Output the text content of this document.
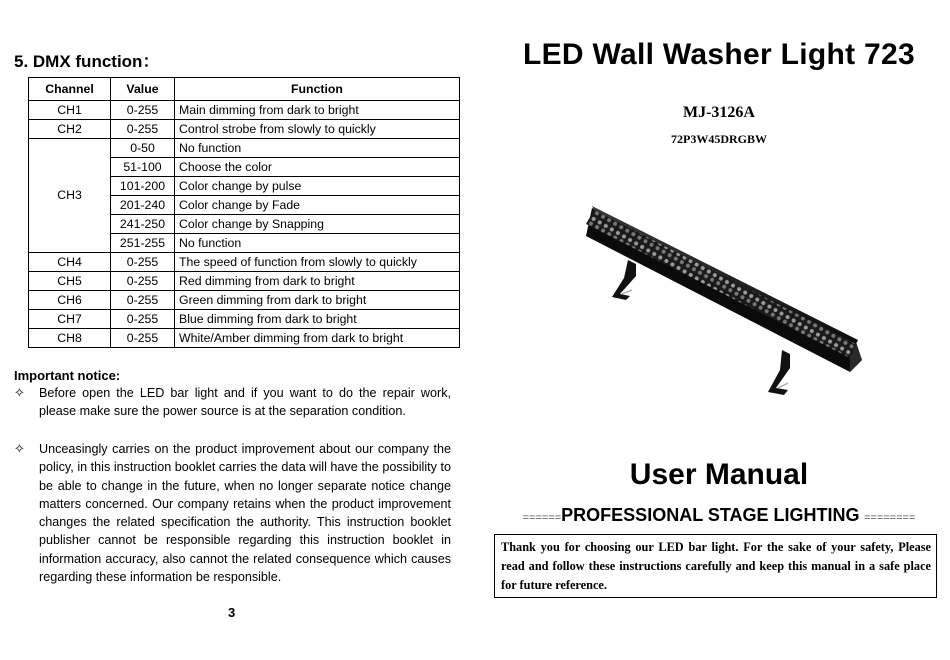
5. DMX function：
Channel	Value	Function
CH1	0-255	Main dimming from dark to bright
CH2	0-255	Control strobe from slowly to quickly
CH3	0-50	No function
	51-100	Choose the color
	101-200	Color change by pulse
	201-240	Color change by Fade
	241-250	Color change by Snapping
	251-255	No function
CH4	0-255	The speed of function from slowly to quickly
CH5	0-255	Red dimming from dark to bright
CH6	0-255	Green dimming from dark to bright
CH7	0-255	Blue dimming from dark to bright
CH8	0-255	White/Amber dimming from dark to bright
Important notice:
✧ Before open the LED bar light and if you want to do the repair work, please make sure the power source is at the separation condition.
✧ Unceasingly carries on the product improvement about our company the policy, in this instruction booklet carries the data will have the possibility to be able to change in the future, when no longer separate notice change matters concerned. Our company retains when the product improvement changes the related specification the authority. This instruction booklet publisher cannot be responsible regarding this instruction booklet in information accuracy, also cannot the related consequence which causes regarding these information be responsible.
3
LED Wall Washer Light 723
MJ-3126A
72P3W45DRGBW
User Manual
======PROFESSIONAL STAGE LIGHTING ========
Thank you for choosing our LED bar light. For the sake of your safety, Please read and follow these instructions carefully and keep this manual in a safe place for future reference.
